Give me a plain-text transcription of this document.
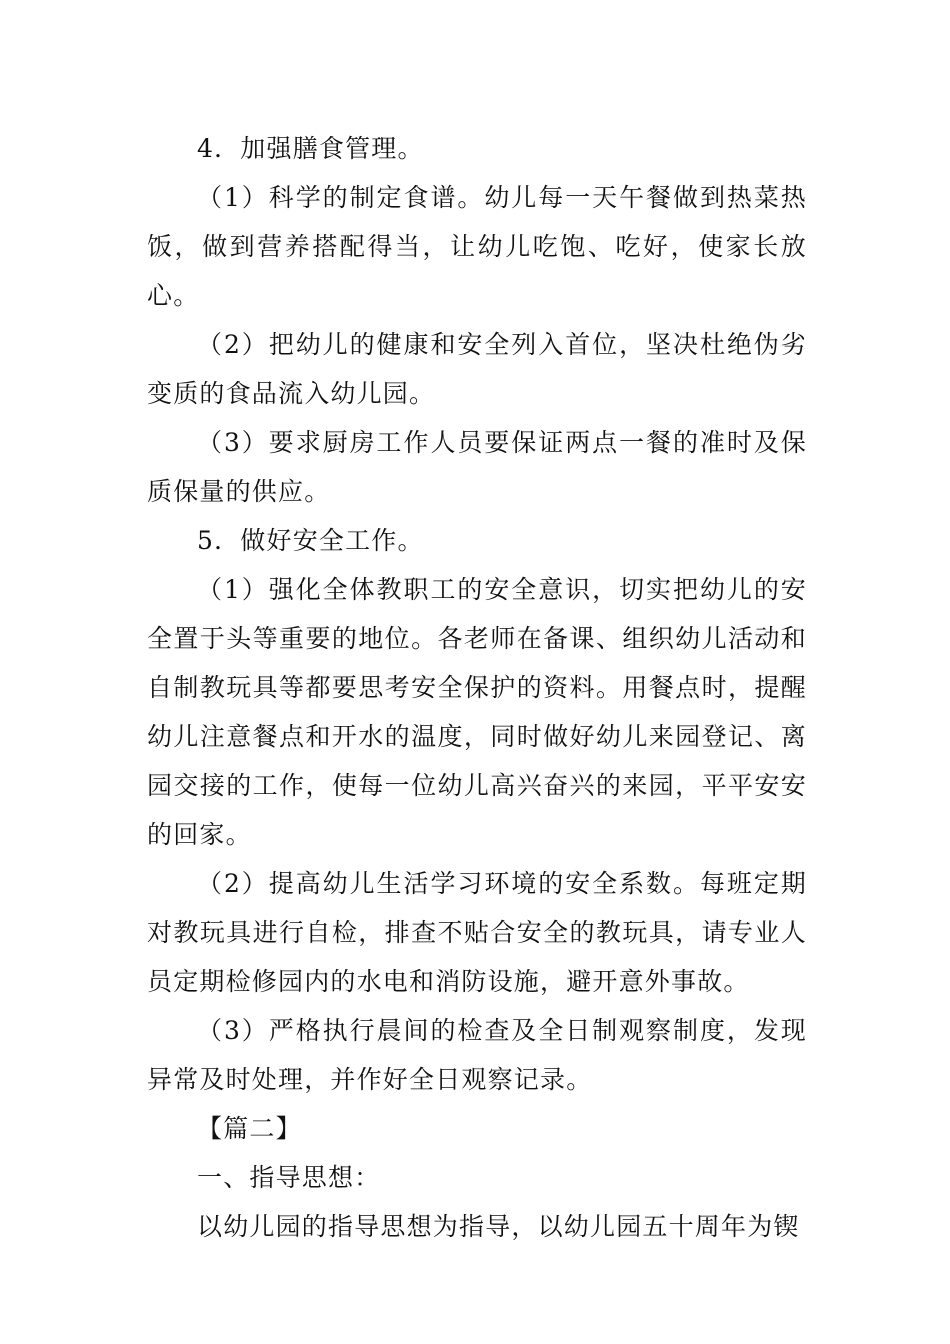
4．加强膳食管理。

（1）科学的制定食谱。幼儿每一天午餐做到热菜热饭，做到营养搭配得当，让幼儿吃饱、吃好，使家长放心。

（2）把幼儿的健康和安全列入首位，坚决杜绝伪劣变质的食品流入幼儿园。

（3）要求厨房工作人员要保证两点一餐的准时及保质保量的供应。

5．做好安全工作。

（1）强化全体教职工的安全意识，切实把幼儿的安全置于头等重要的地位。各老师在备课、组织幼儿活动和自制教玩具等都要思考安全保护的资料。用餐点时，提醒幼儿注意餐点和开水的温度，同时做好幼儿来园登记、离园交接的工作，使每一位幼儿高兴奋兴的来园，平平安安的回家。

（2）提高幼儿生活学习环境的安全系数。每班定期对教玩具进行自检，排查不贴合安全的教玩具，请专业人员定期检修园内的水电和消防设施，避开意外事故。

（3）严格执行晨间的检查及全日制观察制度，发现异常及时处理，并作好全日观察记录。

【篇二】

一、指导思想：

以幼儿园的指导思想为指导，以幼儿园五十周年为锲
